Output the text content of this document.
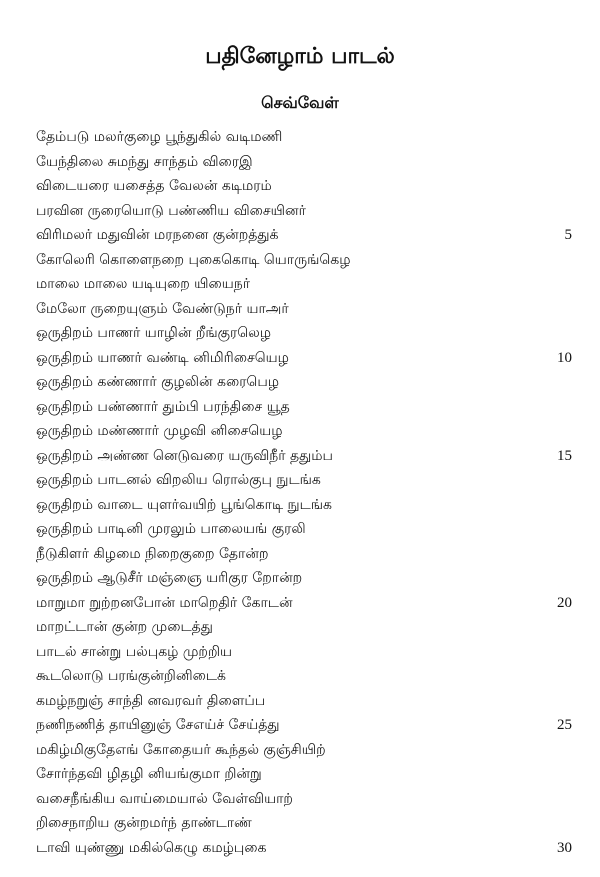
பதினேழாம் பாடல்
செவ்வேள்
தேம்படு மலர்குழை பூந்துகில் வடிமணி
யேந்திலை சுமந்து சாந்தம் விரைஇ
விடையரை யசைத்த வேலன் கடிமரம்
பரவின ருரையொடு பண்ணிய விசையினர்
விரிமலர் மதுவின் மரநனை குன்றத்துக்	5
கோலெரி கொளைநறை புகைகொடி யொருங்கெழ
மாலை மாலை யடியுறை யியைநர்
மேலோ ருறையுளும் வேண்டுநர் யாஅர்
ஒருதிறம் பாணர் யாழின் றீங்குரலெழ
ஒருதிறம் யாணர் வண்டி னிமிரிசையெழ	10
ஒருதிறம் கண்ணார் குழலின் கரைபெழ
ஒருதிறம் பண்ணார் தும்பி பரந்திசை யூத
ஒருதிறம் மண்ணார் முழவி னிசையெழ
ஒருதிறம் அண்ண னெடுவரை யருவிநீர் ததும்ப	15
ஒருதிறம் பாடனல் விறலிய ரொல்குபு நுடங்க
ஒருதிறம் வாடை யுளர்வயிற் பூங்கொடி நுடங்க
ஒருதிறம் பாடினி முரலும் பாலையங் குரலி
நீடுகிளர் கிழமை நிறைகுறை தோன்ற
ஒருதிறம் ஆடுசீர் மஞ்ஞை யரிகுர றோன்ற
மாறுமா றுற்றனபோன் மாறெதிர் கோடன்	20
மாறட்டான் குன்ற முடைத்து
பாடல் சான்று பல்புகழ் முற்றிய
கூடலொடு பரங்குன்றினிடைக்
கமழ்நறுஞ் சாந்தி னவரவர் திளைப்ப
நணிநணித் தாயினுஞ் சேஎய்ச் சேய்த்து	25
மகிழ்மிகுதேஎங் கோதையர் கூந்தல் குஞ்சியிற்
சோர்ந்தவி ழிதழி னியங்குமா றின்று
வசைநீங்கிய வாய்மையால் வேள்வியாற்
றிசைநாறிய குன்றமர்ந் தாண்டாண்
டாவி யுண்ணு மகில்கெழு கமழ்புகை	30
